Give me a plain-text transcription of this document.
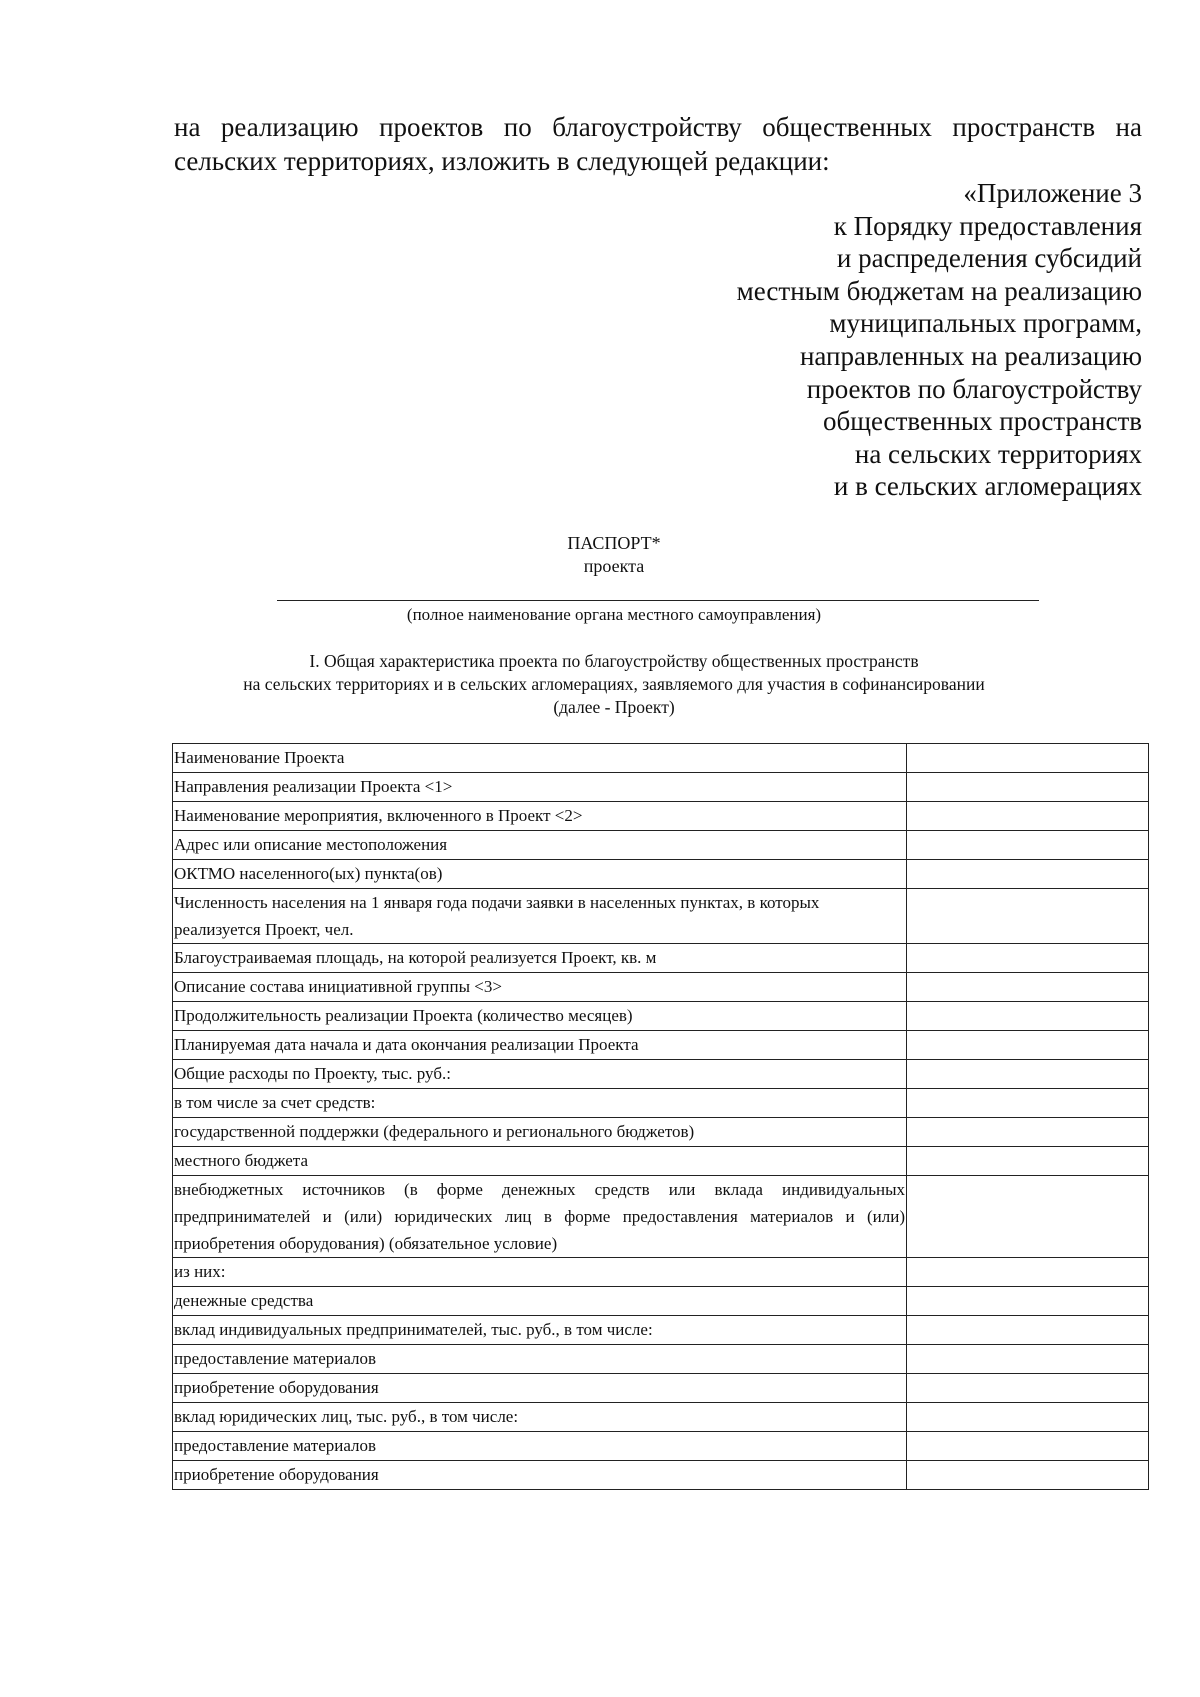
на реализацию проектов по благоустройству общественных пространств на
сельских территориях, изложить в следующей редакции:
«Приложение 3
к Порядку предоставления
и распределения субсидий
местным бюджетам на реализацию
муниципальных программ,
направленных на реализацию
проектов по благоустройству
общественных пространств
на сельских территориях
и в сельских агломерациях
ПАСПОРТ*
проекта
(полное наименование органа местного самоуправления)
I. Общая характеристика проекта по благоустройству общественных пространств
на сельских территориях и в сельских агломерациях, заявляемого для участия в софинансировании
(далее - Проект)
Наименование Проекта	
Направления реализации Проекта <1>	
Наименование мероприятия, включенного в Проект <2>	
Адрес или описание местоположения	
ОКТМО населенного(ых) пункта(ов)	
Численность населения на 1 января года подачи заявки в населенных пунктах, в которых реализуется Проект, чел.	
Благоустраиваемая площадь, на которой реализуется Проект, кв. м	
Описание состава инициативной группы <3>	
Продолжительность реализации Проекта (количество месяцев)	
Планируемая дата начала и дата окончания реализации Проекта	
Общие расходы по Проекту, тыс. руб.:	
в том числе за счет средств:	
государственной поддержки (федерального и регионального бюджетов)	
местного бюджета	
внебюджетных источников (в форме денежных средств или вклада индивидуальных предпринимателей и (или) юридических лиц в форме предоставления материалов и (или) приобретения оборудования) (обязательное условие)	
из них:	
денежные средства	
вклад индивидуальных предпринимателей, тыс. руб., в том числе:	
предоставление материалов	
приобретение оборудования	
вклад юридических лиц, тыс. руб., в том числе:	
предоставление материалов	
приобретение оборудования	
